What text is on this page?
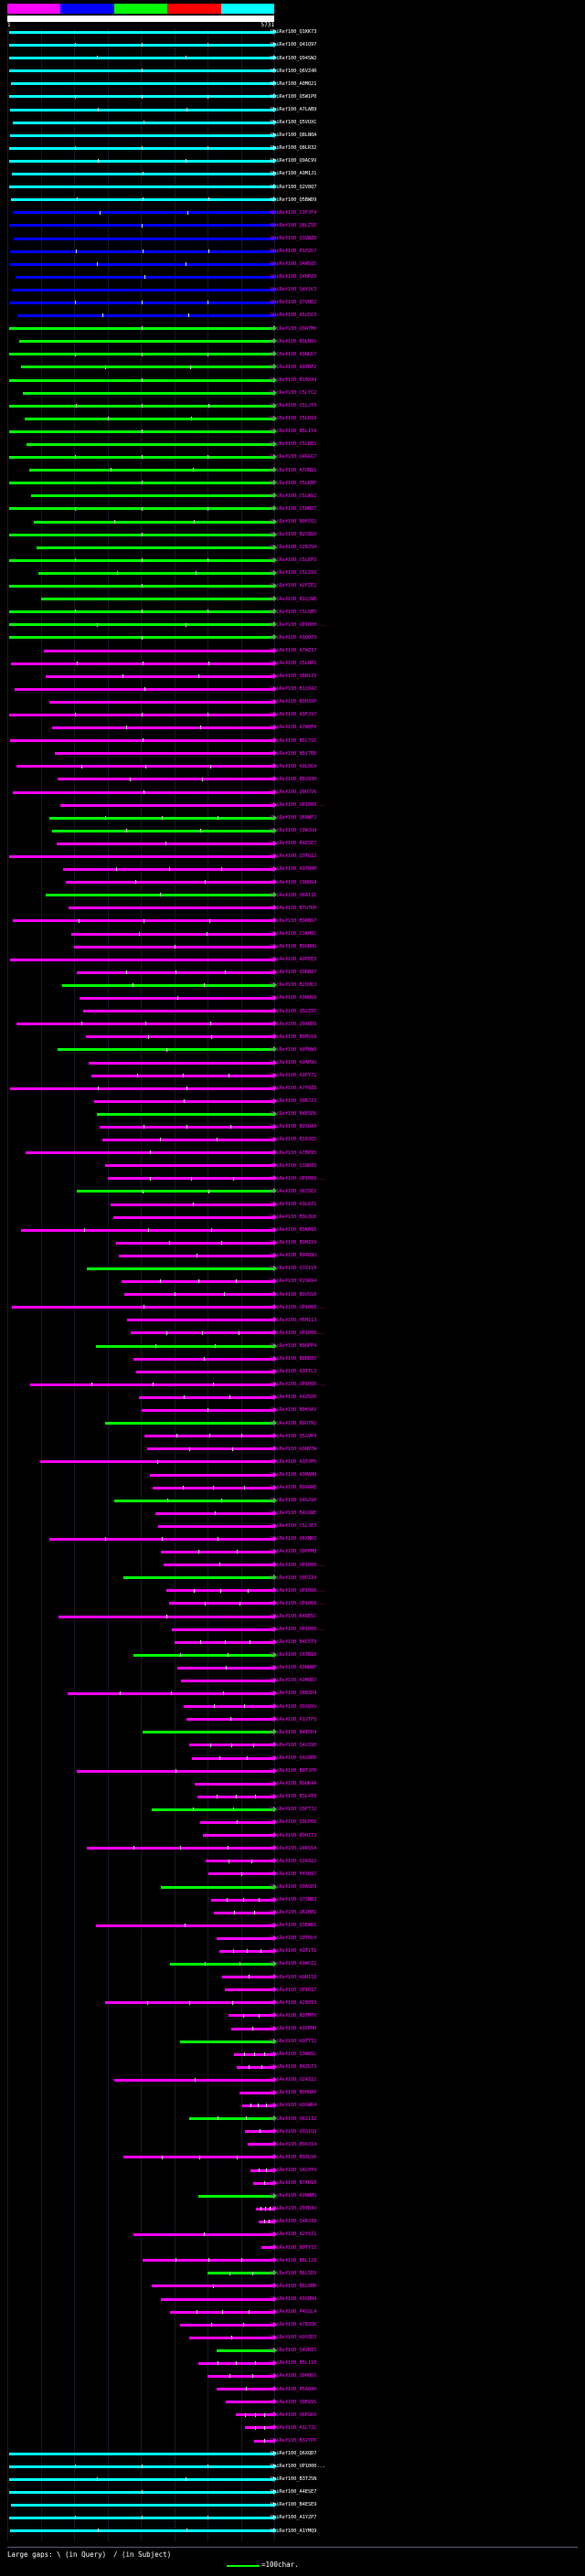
1	5731
UniRef100_Q1KK73
UniRef100_Q41Q97
UniRef100_Q94SW2
UniRef100_Q6VZ4R
UniRef100_A0MQ21
UniRef100_Q5W1P0
UniRef100_A7LAB9
UniRef100_Q5VUXC
UniRef100_Q8LN0A
UniRef100_Q8LR32
UniRef100_Q9AC9V
UniRef100_A9M1J1
UniRef100_Q2V8Q7
UniRef100_Q5BWD9
UniRef100_C3FJF4
UniRef100_Q8LZ5P
UniRef100_Q3VWZ8
UniRef100_P1PZU7
UniRef100_Q4W5Q5
UniRef100_Q4HP20
UniRef100_Q4V1K3
UniRef100_Q7VUE2
UniRef100_A5U5C3
UniRef100_Q9A7M0
UniRef100_B9LNSV
UniRef100_A9NLD7
UniRef100_A9TBF2
UniRef100_B1BX44
UniRef100_C5LYC2
UniRef100_C5LJY3
UniRef100_C5LD19
UniRef100_B5LIY4
UniRef100_C5LRE1
UniRef100_Q4GGC7
UniRef100_A7UNV1
UniRef100_C5LKNF
UniRef100_C5LWV2
UniRef100_C5NMJ7
UniRef100_B9FCQ1
UniRef100_B2C8QX
UniRef100_C2BJ5H
UniRef100_C5LEP3
UniRef100_C5LZ9X
UniRef100_A2FZE2
UniRef100_B1QJWE
UniRef100_C5LSM5
UniRef100_UP1000...
UniRef100_A9QQ73
UniRef100_A7WZ37
UniRef100_C5LHP1
UniRef100_Q8N13V
UniRef100_B1Q34Z
UniRef100_B9H3XP
UniRef100_A9FJ97
UniRef100_A7WQF9
UniRef100_B5C7S5
UniRef100_B5V7BE
UniRef100_A9L064
UniRef100_B8J93H
UniRef100_Q9U7V6
UniRef100_UP1000...
UniRef100_Q6NWFJ
UniRef100_C9WJU4
UniRef100_B4ESE7
UniRef100_Q3TG12
UniRef100_A9TQ4M
UniRef100_C9NUG4
UniRef100_Q6AI11
UniRef100_B7U7KH
UniRef100_B9RBS7
UniRef100_C3KH5C
UniRef100_B9GRHG
UniRef100_A9FEE3
UniRef100_Q9RB27
UniRef100_B2QVKJ
UniRef100_A9NQG9
UniRef100_Q92Z9T
UniRef100_Q9XUD9
UniRef100_B9MSV8
UniRef100_A9TQW9
UniRef100_A9AP9U
UniRef100_A9PY71
UniRef100_A7P8Z8
UniRef100_Q9RJ23
UniRef100_B4ESE6
UniRef100_B9SU4A
UniRef100_B1B3Q5
UniRef100_A7BP95
UniRef100_Q1NDZ9
UniRef100_UP1000...
UniRef100_Q63SE2
UniRef100_A9L671
UniRef100_B9L3U6
UniRef100_B9KB16
UniRef100_B9MZX9
UniRef100_B9TQ9U
UniRef100_Q7Z1V9
UniRef100_P2SK94
UniRef100_B9U5S0
UniRef100_UP1000...
UniRef100_H5M113
UniRef100_UP1000...
UniRef100_B9GPP4
UniRef100_B8BD35
UniRef100_A9TTL3
UniRef100_UP1000...
UniRef100_A4ZS00
UniRef100_B9KSAV
UniRef100_B9U7N2
UniRef100_Q5GVK4
UniRef100_A9NVJW
UniRef100_A9TJM5
UniRef100_A9MAM8
UniRef100_B9XGNE
UniRef100_Q4GJ90
UniRef100_B4GSNE
UniRef100_C5LJE3
UniRef100_Q6XNKZ
UniRef100_Q9FPM8
UniRef100_UP1000...
UniRef100_Q9PZ34
UniRef100_UP1000...
UniRef100_UP1000...
UniRef100_B4RE5C
UniRef100_UP1000...
UniRef100_B4C5T9
UniRef100_C6TB16
UniRef100_A9NDNF
UniRef100_A9MUR7
UniRef100_Q8BZR4
UniRef100_Q9SQYU
UniRef100_P1VTFQ
UniRef100_B4I5D4
UniRef100_Q4U390
UniRef100_Q4G0RE
UniRef100_B8TJFR
UniRef100_B9UK4A
UniRef100_B3L4T0
UniRef100_Q9PTJ2
UniRef100_Q9LP66
UniRef100_B9HZ73
UniRef100_Q4KS54
UniRef100_Q2A322
UniRef100_P4SQ97
UniRef100_Q9ASD9
UniRef100_Q7SNB3
UniRef100_Q6ZHP2
UniRef100_Q3EWK1
UniRef100_Q3T0L4
UniRef100_A9T1T1
UniRef100_A9WC22
UniRef100_A9N116
UniRef100_UP1017
UniRef100_A2B813
UniRef100_B3TM76
UniRef100_A9CPH0
UniRef100_A9TY31
UniRef100_Q3W85L
UniRef100_B4ZL73
UniRef100_Q2A322
UniRef100_B9HUA0
UniRef100_A9SWK4
UniRef100_Q6J1I2
UniRef100_Q931Q9
UniRef100_B9XJ14
UniRef100_B9ZL90
UniRef100_Q4L9Y4
UniRef100_B7KD10
UniRef100_A9NNMS
UniRef100_Q9TE4V
UniRef100_Q4RJ38
UniRef100_A2YSJ1
UniRef100_B9TY1S
UniRef100_B6L128
UniRef100_B6L5D9
UniRef100_B6L9BR
UniRef100_A9SUN4
UniRef100_P4SSL4
UniRef100_A7BZQK
UniRef100_A9S3D3
UniRef100_Q4VK85
UniRef100_B5L110
UniRef100_Q9HQ5S
UniRef100_P5A640
UniRef100_Q9EG9S
UniRef100_Q6FGK0
UniRef100_A1L72L
UniRef100_B3JYPP
UniRef100_Q6XQD7
UniRef100_UP1000...
UniRef100_B3TJ5N
UniRef100_A4ESE7
UniRef100_B4ESE9
UniRef100_A1Y2P7
UniRef100_A1YMQ9
Large gaps: \ (in Query) / (in Subject)
=100char.
